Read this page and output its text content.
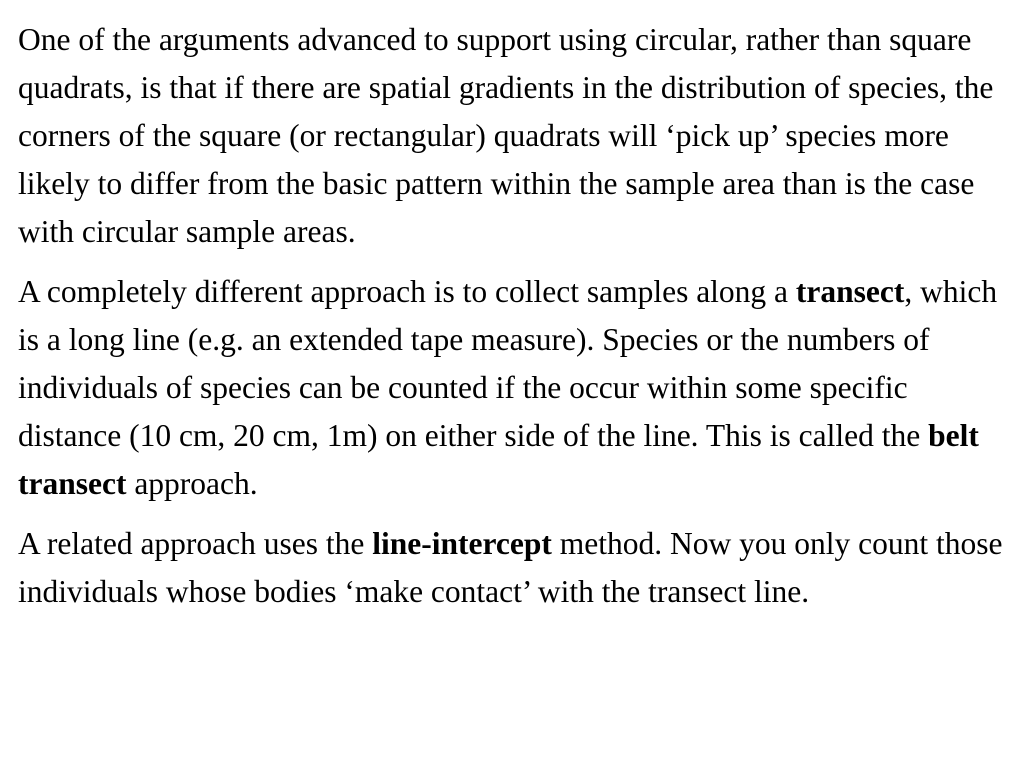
One of the arguments advanced to support using circular, rather than square quadrats, is that if there are spatial gradients in the distribution of species, the corners of the square (or rectangular) quadrats will ‘pick up’ species more likely to differ from the basic pattern within the sample area than is the case with circular sample areas.

A completely different approach is to collect samples along a transect, which is a long line (e.g. an extended tape measure). Species or the numbers of individuals of species can be counted if the occur within some specific distance (10 cm, 20 cm, 1m) on either side of the line. This is called the belt transect approach.

A related approach uses the line-intercept method. Now you only count those individuals whose bodies ‘make contact’ with the transect line.
